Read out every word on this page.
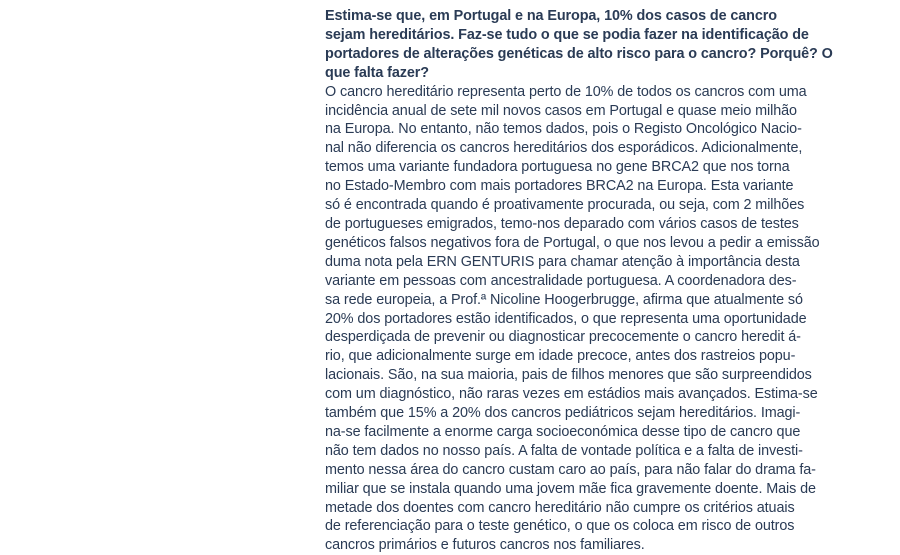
Estima-se que, em Portugal e na Europa, 10% dos casos de cancro
sejam hereditários. Faz-se tudo o que se podia fazer na identificação de
portadores de alterações genéticas de alto risco para o cancro? Porquê? O
que falta fazer?
O cancro hereditário representa perto de 10% de todos os cancros com uma
incidência anual de sete mil novos casos em Portugal e quase meio milhão
na Europa. No entanto, não temos dados, pois o Registo Oncológico Nacio-
nal não diferencia os cancros hereditários dos esporádicos. Adicionalmente,
temos uma variante fundadora portuguesa no gene BRCA2 que nos torna
no Estado-Membro com mais portadores BRCA2 na Europa. Esta variante
só é encontrada quando é proativamente procurada, ou seja, com 2 milhões
de portugueses emigrados, temo-nos deparado com vários casos de testes
genéticos falsos negativos fora de Portugal, o que nos levou a pedir a emissão
duma nota pela ERN GENTURIS para chamar atenção à importância desta
variante em pessoas com ancestralidade portuguesa. A coordenadora des-
sa rede europeia, a Prof.ª Nicoline Hoogerbrugge, afirma que atualmente só
20% dos portadores estão identificados, o que representa uma oportunidade
desperdiçada de prevenir ou diagnosticar precocemente o cancro heredit á-
rio, que adicionalmente surge em idade precoce, antes dos rastreios popu-
lacionais. São, na sua maioria, pais de filhos menores que são surpreendidos
com um diagnóstico, não raras vezes em estádios mais avançados. Estima-se
também que 15% a 20% dos cancros pediátricos sejam hereditários. Imagi-
na-se facilmente a enorme carga socioeconómica desse tipo de cancro que
não tem dados no nosso país. A falta de vontade política e a falta de investi-
mento nessa área do cancro custam caro ao país, para não falar do drama fa-
miliar que se instala quando uma jovem mãe fica gravemente doente. Mais de
metade dos doentes com cancro hereditário não cumpre os critérios atuais
de referenciação para o teste genético, o que os coloca em risco de outros
cancros primários e futuros cancros nos familiares.
